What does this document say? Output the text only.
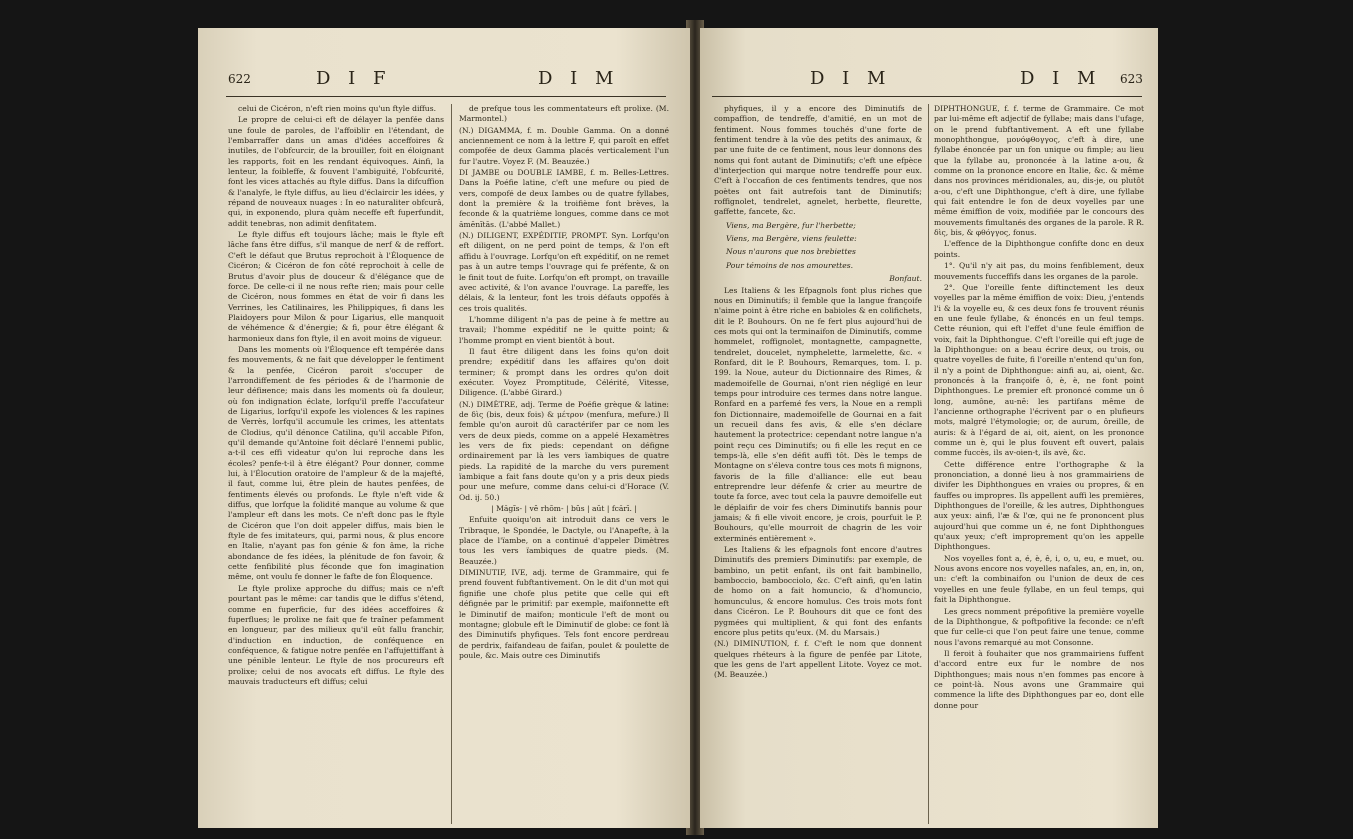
622	D I F	D I M

celui de Cicéron, n'eft rien moins qu'un ftyle diffus.

Le propre de celui-ci eft de délayer la penfée dans une foule de paroles, de l'affoiblir en l'étendant, de l'embarraffer dans un amas d'idées acceffoires & inutiles, de l'obfcurcir, de la brouiller, foit en éloignant les rapports, foit en les rendant équivoques. Ainfi, la lenteur, la foibleffe, & fouvent l'ambiguité, l'obfcurité, font les vices attachés au ftyle diffus. Dans la difcuffion & l'analyfe, le ftyle diffus, au lieu d'éclaircir les idées, y répand de nouveaux nuages : In eo naturaliter obfcurâ, qui, in exponendo, plura quàm neceffe eft fuperfundit, addit tenebras, non adimit denfitatem.

Le ftyle diffus eft toujours lâche; mais le ftyle eft lâche fans être diffus, s'il manque de nerf & de reffort. C'eft le défaut que Brutus reprochoit à l'Éloquence de Cicéron; & Cicéron de fon côté reprochoit à celle de Brutus d'avoir plus de douceur & d'élégance que de force. De celle-ci il ne nous refte rien; mais pour celle de Cicéron, nous fommes en état de voir fi dans les Verrines, les Catilinaires, les Philippiques, fi dans les Plaidoyers pour Milon & pour Ligarius, elle manquoit de véhémence & d'énergie; & fi, pour être élégant & harmonieux dans fon ftyle, il en avoit moins de vigueur.

Dans les moments où l'Éloquence eft tempérée dans fes mouvements, & ne fait que développer le fentiment & la penfée, Cicéron paroit s'occuper de l'arrondiffement de fes périodes & de l'harmonie de leur défінence; mais dans les moments où fa douleur, où fon indignation éclate, lorfqu'il preffe l'accufateur de Ligarius, lorfqu'il expofe les violences & les rapines de Verrès, lorfqu'il accumule les crimes, les attentats de Clodius, qu'il dénonce Catilina, qu'il accable Pifon, qu'il demande qu'Antoine foit déclaré l'ennemi public, a-t-il ces effi videatur qu'on lui reproche dans les écoles? penfe-t-il à être élégant? Pour donner, comme lui, à l'Élocution oratoire de l'ampleur & de la majefté, il faut, comme lui, être plein de hautes penfées, de fentiments élevés ou profonds. Le ftyle n'eft vide & diffus, que lorfque la folidité manque au volume & que l'ampleur eft dans les mots. Ce n'eft donc pas le ftyle de Cicéron que l'on doit appeler diffus, mais bien le ftyle de fes imitateurs, qui, parmi nous, & plus encore en Italie, n'ayant pas fon génie & fon âme, la riche abondance de fes idées, la plénitude de fon favoir, & cette fenfibilité plus féconde que fon imagination même, ont voulu fe donner le fafte de fon Éloquence.

Le ftyle prolixe approche du diffus; mais ce n'eft pourtant pas le même: car tandis que le diffus s'étend, comme en fuperficie, fur des idées acceffoires & fuperflues; le prolixe ne fait que fe traîner pefamment en longueur, par des milieux qu'il eût fallu franchir, d'induction en induction, de conféquence en conféquence, & fatigue notre penfée en l'affujettiffant à une pénible lenteur. Le ftyle de nos procureurs eft prolixe; celui de nos avocats eft diffus. Le ftyle des mauvais traducteurs eft diffus; celui

de prefque tous les commentateurs eft prolixe. (M. Marmontel.)

(N.) DIGAMMA, f. m. Double Gamma. On a donné anciennement ce nom à la lettre F, qui paroît en effet compofée de deux Gamma placés verticalement l'un fur l'autre. Voyez F. (M. Beauzée.)

DI JAMBE ou DOUBLE IAMBE, f. m. Belles-Lettres. Dans la Poéfie latine, c'eft une mefure ou pied de vers, compofé de deux Iambes ou de quatre fyllabes, dont la première & la troifième font brèves, la feconde & la quatrième longues, comme dans ce mot ămēnĭtās. (L'abbé Mallet.)

(N.) DILIGENT, EXPÉDITIF, PROMPT. Syn. Lorfqu'on eft diligent, on ne perd point de temps, & l'on eft affidu à l'ouvrage. Lorfqu'on eft expéditif, on ne remet pas à un autre temps l'ouvrage qui fe préfente, & on le finit tout de fuite. Lorfqu'on eft prompt, on travaille avec activité, & l'on avance l'ouvrage. La pareffe, les délais, & la lenteur, font les trois défauts oppofés à ces trois qualités.

L'homme diligent n'a pas de peine à fe mettre au travail; l'homme expéditif ne le quitte point; & l'homme prompt en vient bientôt à bout.

Il faut être diligent dans les foins qu'on doit prendre; expéditif dans les affaires qu'on doit terminer; & prompt dans les ordres qu'on doit exécuter. Voyez Promptitude, Célérité, Vitesse, Diligence. (L'abbé Girard.)

(N.) DIMÈTRE, adj. Terme de Poéfie grèque & latine: de δὶς (bis, deux fois) & μέτρον (menfura, mefure.) Il femble qu'on auroit dû caractérifer par ce nom les vers de deux pieds, comme on a appelé Hexamètres les vers de fix pieds: cependant on défigne ordinairement par là les vers ïambiques de quatre pieds. La rapidité de la marche du vers purement ïambique a fait fans doute qu'on y a pris deux pieds pour une mefure, comme dans celui-ci d'Horace (V. Od. ij. 50.)

| Măgĭs- | vĕ rhŏm- | bŭs | aūt | fcărī. |

Enfuite quoiqu'on ait introduit dans ce vers le Tribraque, le Spondée, le Dactyle, ou l'Anapefte, à la place de l'ïambe, on a continué d'appeler Dimètres tous les vers ïambiques de quatre pieds. (M. Beauzée.)

DIMINUTIF, IVE, adj. terme de Grammaire, qui fe prend fouvent fubftantivement. On le dit d'un mot qui fignifie une chofe plus petite que celle qui eft défignée par le primitif: par exemple, maifonnette eft le Diminutif de maifon; monticule l'eft de mont ou montagne; globule eft le Diminutif de globe: ce font là des Diminutifs phyfiques. Tels font encore perdreau de perdrix, faifandeau de faifan, poulet & poulette de poule, &c. Mais outre ces Diminutifs

D I M	D I M 623

phyfiques, il y a encore des Diminutifs de compaffion, de tendreffe, d'amitié, en un mot de fentiment. Nous fommes touchés d'une forte de fentiment tendre à la vûe des petits des animaux, & par une fuite de ce fentiment, nous leur donnons des noms qui font autant de Diminutifs; c'eft une efpèce d'interjection qui marque notre tendreffe pour eux. C'eft à l'occafion de ces fentiments tendres, que nos poètes ont fait autrefois tant de Diminutifs; roffignolet, tendrelet, agnelet, herbette, fleurette, gaffette, fancete, &c.

Viens, ma Bergère, fur l'herbette;

Viens, ma Bergère, viens feulette:

Nous n'aurons que nos brebiettes

Pour témoins de nos amourettes.

Bonfaut.

Les Italiens & les Efpagnols font plus riches que nous en Diminutifs; il femble que la langue françoife n'aime point à être riche en babioles & en colifichets, dit le P. Bouhours. On ne fe fert plus aujourd'hui de ces mots qui ont la terminaifon de Diminutifs, comme hommelet, roffignolet, montagnette, campagnette, tendrelet, doucelet, nymphelette, larmelette, &c. « Ronfard, dit le P. Bouhours, Remarques, tom. I. p. 199. la Noue, auteur du Dictionnaire des Rimes, & mademoifelle de Gournai, n'ont rien négligé en leur temps pour introduire ces termes dans notre langue. Ronfard en a parfemé fes vers, la Noue en a rempli fon Dictionnaire, mademoifelle de Gournai en a fait un recueil dans fes avis, & elle s'en déclare hautement la protectrice: cependant notre langue n'a point reçu ces Diminutifs; ou fi elle les reçut en ce temps-là, elle s'en défit auffi tôt. Dès le temps de Montagne on s'éleva contre tous ces mots fi mignons, favoris de la fille d'alliance: elle eut beau entreprendre leur défenfe & crier au meurtre de toute fa force, avec tout cela la pauvre demoifelle eut le déplaifir de voir fes chers Diminutifs bannis pour jamais; & fi elle vivoit encore, je crois, pourfuit le P. Bouhours, qu'elle mourroit de chagrin de les voir exterminés entièrement ».

Les Italiens & les efpagnols font encore d'autres Diminutifs des premiers Diminutifs: par exemple, de bambino, un petit enfant, ils ont fait bambinello, bamboccio, bambocciolo, &c. C'eft ainfi, qu'en latin de homo on a fait homuncio, & d'homuncio, homunculus, & encore homulus. Ces trois mots font dans Cicéron. Le P. Bouhours dit que ce font des pygmées qui multiplient, & qui font des enfants encore plus petits qu'eux. (M. du Marsais.)

(N.) DIMINUTION, f. f. C'eft le nom que donnent quelques rhéteurs à la figure de penfée par Litote, que les gens de l'art appellent Litote. Voyez ce mot. (M. Beauzée.)

DIPHTHONGUE, f. f. terme de Grammaire. Ce mot par lui-même eft adjectif de fyllabe; mais dans l'ufage, on le prend fubftantivement. A eft une fyllabe monophthongue, μονόφθογγος, c'eft à dire, une fyllabe énoncée par un fon unique ou fimple; au lieu que la fyllabe au, prononcée à la latine a-ou, & comme on la prononce encore en Italie, &c. & même dans nos provinces méridionales, au, dis-je, ou plutôt a-ou, c'eft une Diphthongue, c'eft à dire, une fyllabe qui fait entendre le fon de deux voyelles par une même émiffion de voix, modifiée par le concours des mouvements fimultanés des organes de la parole. R R. δὶς, bis, & φθόγγος, fonus.

L'effence de la Diphthongue confifte donc en deux points.

1°. Qu'il n'y ait pas, du moins fenfiblement, deux mouvements fucceffifs dans les organes de la parole.

2°. Que l'oreille fente diftinctement les deux voyelles par la même émiffion de voix: Dieu, j'entends l'i & la voyelle eu, & ces deux fons fe trouvent réunis en une feule fyllabe, & énoncés en un feul temps. Cette réunion, qui eft l'effet d'une feule émiffion de voix, fait la Diphthongue. C'eft l'oreille qui eft juge de la Diphthongue: on a beau écrire deux, ou trois, ou quatre voyelles de fuite, fi l'oreille n'entend qu'un fon, il n'y a point de Diphthongue: ainfi au, ai, oient, &c. prononcés à la françoife ô, è, è, ne font point Diphthongues. Le premier eft prononcé comme un ô long, aumône, au-nē: les partifans même de l'ancienne orthographe l'écrivent par o en plufieurs mots, malgré l'étymologie; or, de aurum, ôreille, de auris: & à l'égard de ai, oit, aient, on les prononce comme un è, qui le plus fouvent eft ouvert, palais comme fuccès, ils av-oien-t, ils avè, &c.

Cette différence entre l'orthographe & la prononciation, a donné lieu à nos grammairiens de divifer les Diphthongues en vraies ou propres, & en fauffes ou impropres. Ils appellent auffi les premières, Diphthongues de l'oreille, & les autres, Diphthongues aux yeux: ainfi, l'æ & l'œ, qui ne fe prononcent plus aujourd'hui que comme un é, ne font Diphthongues qu'aux yeux; c'eft improprement qu'on les appelle Diphthongues.

Nos voyelles font a, é, è, ê, i, o, u, eu, e muet, ou. Nous avons encore nos voyelles nafales, an, en, in, on, un: c'eft la combinaifon ou l'union de deux de ces voyelles en une feule fyllabe, en un feul temps, qui fait la Diphthongue.

Les grecs nomment prépofitive la première voyelle de la Diphthongue, & poftpofitive la feconde: ce n'eft que fur celle-ci que l'on peut faire une tenue, comme nous l'avons remarqué au mot Consonne.

Il feroit à fouhaiter que nos grammairiens fuffent d'accord entre eux fur le nombre de nos Diphthongues; mais nous n'en fommes pas encore à ce point-là. Nous avons une Grammaire qui commence la lifte des Diphthongues par eo, dont elle donne pour
